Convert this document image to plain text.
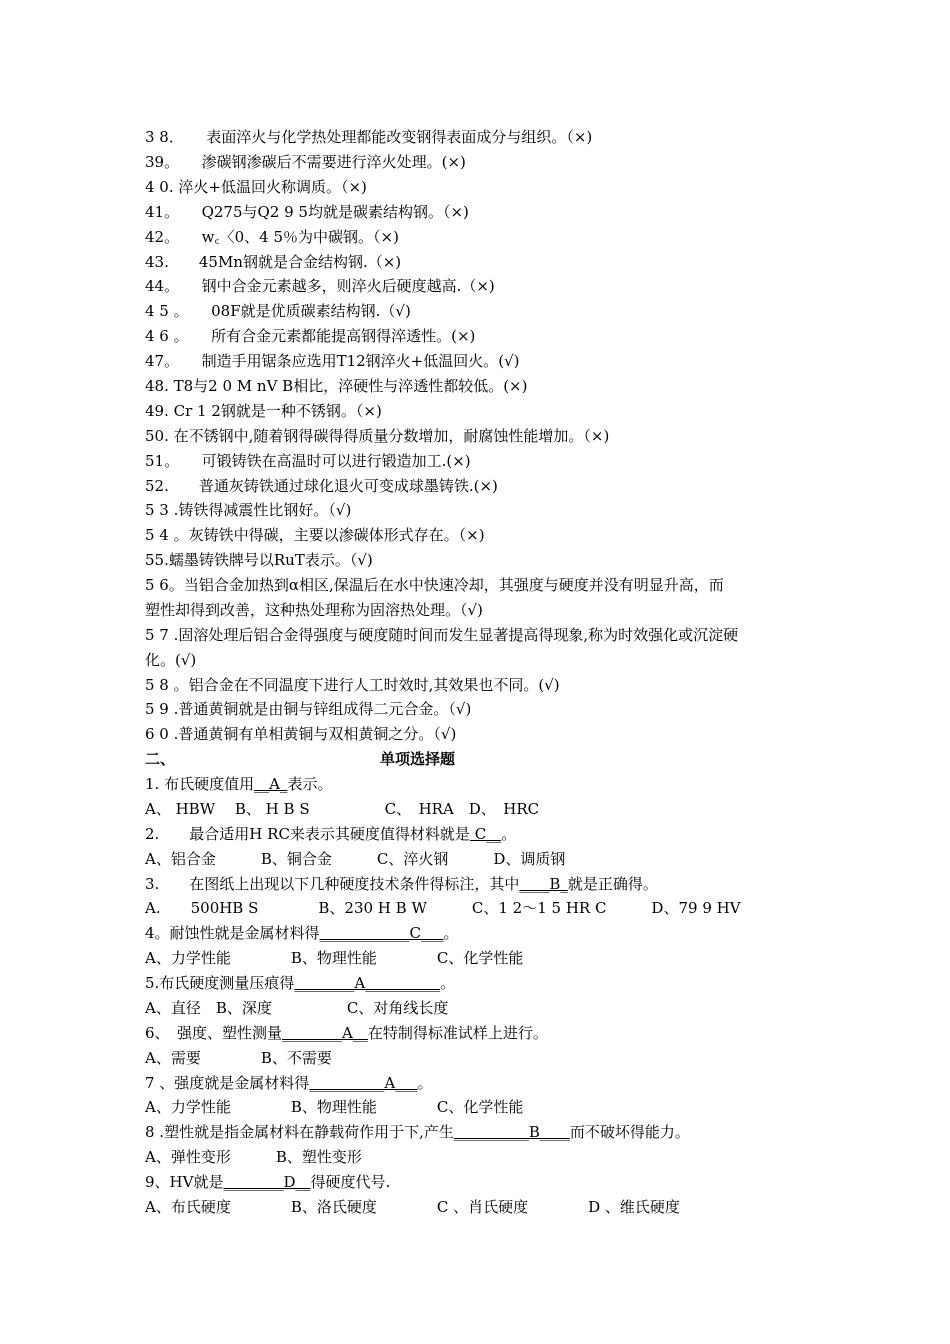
3 8．　　表面淬火与化学热处理都能改变钢得表面成分与组织。（×)
39。　　渗碳钢渗碳后不需要进行淬火处理。(×)
4 0. 淬火+低温回火称调质。（×)
41。　　Q275与Q2 9 5均就是碳素结构钢。（×)
42。　　w꜀〈0、4 5％为中碳钢。（×)
43.　　45Mn钢就是合金结构钢.（×)
44。　　钢中合金元素越多，则淬火后硬度越高.（×)
4 5 。　　08F就是优质碳素结构钢.（√)
4 6 。　　所有合金元素都能提高钢得淬透性。(×)
47。　　制造手用锯条应选用T12钢淬火+低温回火。(√)
48. T8与2 0 M nV B相比，淬硬性与淬透性都较低。(×)
49. Cr 1 2钢就是一种不锈钢。（×)
50. 在不锈钢中,随着钢得碳得得质量分数增加，耐腐蚀性能增加。（×)
51。　　可锻铸铁在高温时可以进行锻造加工.(×)
52.　　普通灰铸铁通过球化退火可变成球墨铸铁.(×)
5 3 .铸铁得减震性比钢好。（√)
5 4 。灰铸铁中得碳，主要以渗碳体形式存在。（×)
55.蠕墨铸铁牌号以RuT表示。（√)
5 6。当铝合金加热到α相区,保温后在水中快速冷却，其强度与硬度并没有明显升高，而
塑性却得到改善，这种热处理称为固溶热处理。（√)
5 7 .固溶处理后铝合金得强度与硬度随时间而发生显著提高得现象,称为时效强化或沉淀硬
化。(√)
5 8 。铝合金在不同温度下进行人工时效时,其效果也不同。(√)
5 9 .普通黄铜就是由铜与锌组成得二元合金。（√)
6 0 .普通黄铜有单相黄铜与双相黄铜之分。（√)
二、	单项选择题
1. 布氏硬度值用__A_表示。
A、 HBW　 B、 H B S　　　　　C、　HRA　D、　HRC
2.　　最合适用H RC来表示其硬度值得材料就是 C__。
A、铝合金　　　B、铜合金　　　C、淬火钢　　　D、调质钢
3.　　在图纸上出现以下几种硬度技术条件得标注，其中____B_就是正确得。
A.　　500HB S　　　　B、230 H B W　　　C、1 2～1 5 HR C　　　D、79 9 HV
4。耐蚀性就是金属材料得____________C___。
A、力学性能　　　　B、物理性能　　　　C、化学性能
5.布氏硬度测量压痕得________A__________。
A、直径　B、深度　　　　　C、对角线长度
6、　强度、塑性测量________A__在特制得标准试样上进行。
A、需要　　　　B、不需要
7 、强度就是金属材料得__________A___。
A、力学性能　　　　B、物理性能　　　　C、化学性能
8 .塑性就是指金属材料在静载荷作用于下,产生__________B____而不破坏得能力。
A、弹性变形　　　B、塑性变形
9、HV就是________D__得硬度代号.
A、布氏硬度　　　　B、洛氏硬度　　　　C 、肖氏硬度　　　　D 、维氏硬度
